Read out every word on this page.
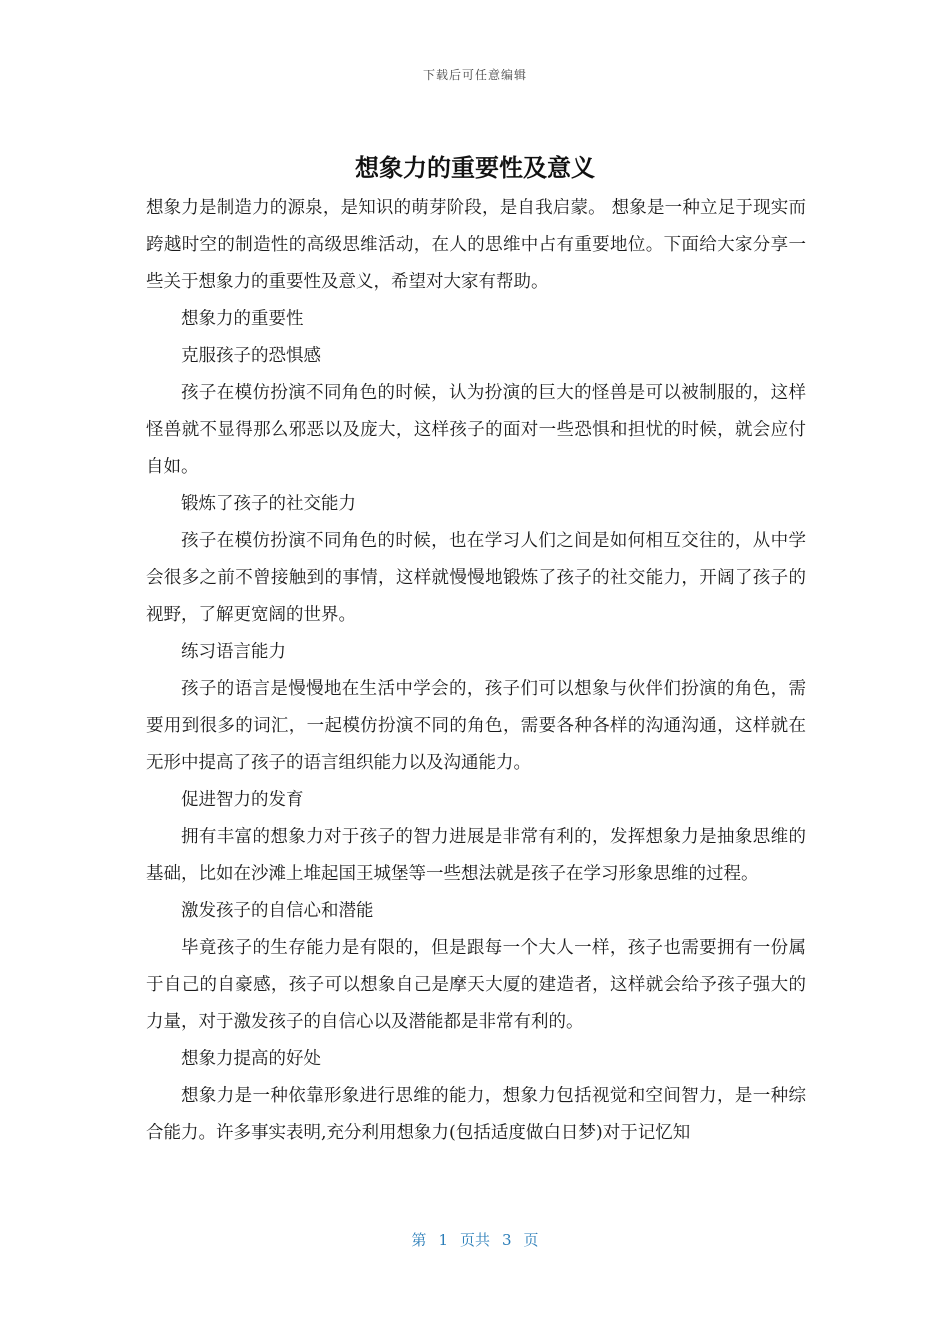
下载后可任意编辑
想象力的重要性及意义

想象力是制造力的源泉，是知识的萌芽阶段，是自我启蒙。 想象是一种立足于现实而跨越时空的制造性的高级思维活动，在人的思维中占有重要地位。下面给大家分享一些关于想象力的重要性及意义，希望对大家有帮助。

想象力的重要性

克服孩子的恐惧感

孩子在模仿扮演不同角色的时候，认为扮演的巨大的怪兽是可以被制服的，这样怪兽就不显得那么邪恶以及庞大，这样孩子的面对一些恐惧和担忧的时候，就会应付自如。

锻炼了孩子的社交能力

孩子在模仿扮演不同角色的时候，也在学习人们之间是如何相互交往的，从中学会很多之前不曾接触到的事情，这样就慢慢地锻炼了孩子的社交能力，开阔了孩子的视野，了解更宽阔的世界。

练习语言能力

孩子的语言是慢慢地在生活中学会的，孩子们可以想象与伙伴们扮演的角色，需要用到很多的词汇，一起模仿扮演不同的角色，需要各种各样的沟通沟通，这样就在无形中提高了孩子的语言组织能力以及沟通能力。

促进智力的发育

拥有丰富的想象力对于孩子的智力进展是非常有利的，发挥想象力是抽象思维的基础，比如在沙滩上堆起国王城堡等一些想法就是孩子在学习形象思维的过程。

激发孩子的自信心和潜能

毕竟孩子的生存能力是有限的，但是跟每一个大人一样，孩子也需要拥有一份属于自己的自豪感，孩子可以想象自己是摩天大厦的建造者，这样就会给予孩子强大的力量，对于激发孩子的自信心以及潜能都是非常有利的。

想象力提高的好处

想象力是一种依靠形象进行思维的能力，想象力包括视觉和空间智力，是一种综合能力。许多事实表明,充分利用想象力(包括适度做白日梦)对于记忆知

第 1 页共 3 页
